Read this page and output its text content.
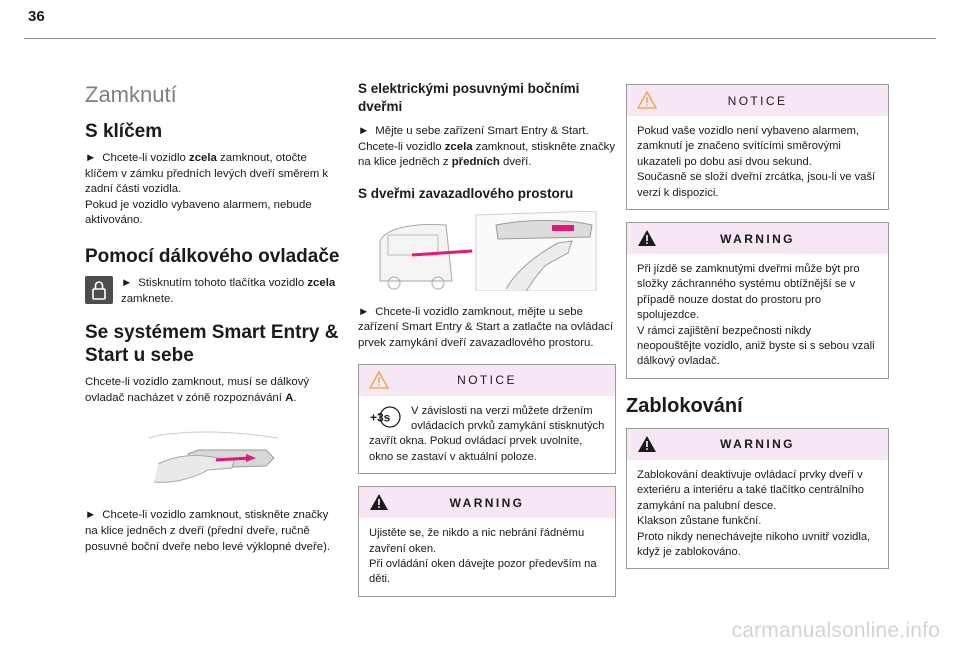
36
Zamknutí
S klíčem

► Chcete-li vozidlo zcela zamknout, otočte klíčem v zámku předních levých dveří směrem k zadní části vozidla.
Pokud je vozidlo vybaveno alarmem, nebude aktivováno.

Pomocí dálkového ovladače

► Stisknutím tohoto tlačítka vozidlo zcela zamknete.

Se systémem Smart Entry & Start u sebe

Chcete-li vozidlo zamknout, musí se dálkový ovladač nacházet v zóně rozpoznávání A.

► Chcete-li vozidlo zamknout, stiskněte značky na klice jedněch z dveří (přední dveře, ručně posuvné boční dveře nebo levé výklopné dveře).

S elektrickými posuvnými bočními dveřmi

► Mějte u sebe zařízení Smart Entry & Start. Chcete-li vozidlo zcela zamknout, stiskněte značky na klice jedněch z předních dveří.

S dveřmi zavazadlového prostoru

► Chcete-li vozidlo zamknout, mějte u sebe zařízení Smart Entry & Start a zatlačte na ovládací prvek zamykání dveří zavazadlového prostoru.

NOTICE
+3s	V závislosti na verzi můžete držením ovládacích prvků zamykání stisknutých zavřít okna. Pokud ovládací prvek uvolníte, okno se zastaví v aktuální poloze.

WARNING

Ujistěte se, že nikdo a nic nebrání řádnému zavření oken.

Při ovládání oken dávejte pozor především na děti.

NOTICE

Pokud vaše vozidlo není vybaveno alarmem, zamknutí je značeno svítícími směrovými ukazateli po dobu asi dvou sekund.

Současně se složí dveřní zrcátka, jsou-li ve vaší verzi k dispozici.

WARNING

Při jízdě se zamknutými dveřmi může být pro složky záchranného systému obtížnější se v případě nouze dostat do prostoru pro spolujezdce.

V rámci zajištění bezpečnosti nikdy neopouštějte vozidlo, aniž byste si s sebou vzali dálkový ovladač.

Zablokování
WARNING

Zablokování deaktivuje ovládací prvky dveří v exteriéru a interiéru a také tlačítko centrálního zamykání na palubní desce.

Klakson zůstane funkční.

Proto nikdy nenechávejte nikoho uvnitř vozidla, když je zablokováno.

carmanualsonline.info
